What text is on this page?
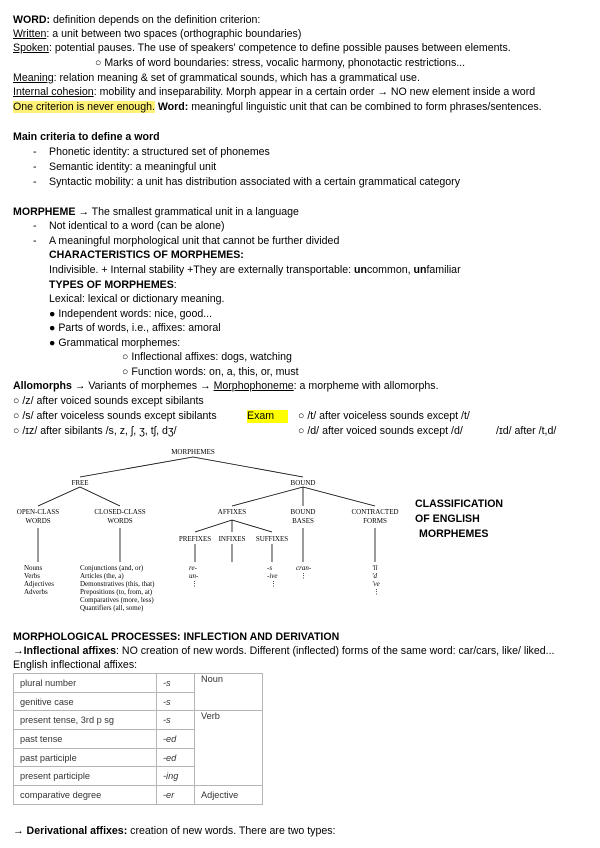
WORD: definition depends on the definition criterion:
Written: a unit between two spaces (orthographic boundaries)
Spoken: potential pauses. The use of speakers' competence to define possible pauses between elements.
○ Marks of word boundaries: stress, vocalic harmony, phonotactic restrictions...
Meaning: relation meaning & set of grammatical sounds, which has a grammatical use.
Internal cohesion: mobility and inseparability. Morph appear in a certain order → NO new element inside a word
One criterion is never enough. Word: meaningful linguistic unit that can be combined to form phrases/sentences.
Main criteria to define a word
- Phonetic identity: a structured set of phonemes
- Semantic identity: a meaningful unit
- Syntactic mobility: a unit has distribution associated with a certain grammatical category
MORPHEME → The smallest grammatical unit in a language
- Not identical to a word (can be alone)
- A meaningful morphological unit that cannot be further divided
CHARACTERISTICS OF MORPHEMES:
Indivisible. + Internal stability +They are externally transportable: uncommon, unfamiliar
TYPES OF MORPHEMES:
Lexical: lexical or dictionary meaning.
● Independent words: nice, good...
● Parts of words, i.e., affixes: amoral
● Grammatical morphemes:
○ Inflectional affixes: dogs, watching
○ Function words: on, a, this, or, must
Allomorphs → Variants of morphemes → Morphophoneme: a morpheme with allomorphs.
○ /z/ after voiced sounds except sibilants
○ /s/ after voiceless sounds except sibilants	Exam	○ /t/ after voiceless sounds except /t/
○ /ɪz/ after sibilants /s, z, ʃ, ʒ, tʃ, dʒ/	○ /d/ after voiced sounds except /d/	/ɪd/ after /t,d/
MORPHEMES
FREE	BOUND
OPEN-CLASS
WORDS
CLOSED-CLASS
WORDS
AFFIXES	BOUND
BASES
CONTRACTED
FORMS
PREFIXES INFIXES SUFFIXES
Nouns
Verbs
Adjectives
Adverbs
Conjunctions (and, or)
Articles (the, a)
Demonstratives (this, that)
Prepositions (to, from, at)
Comparatives (more, less)
Quantifiers (all, some)
re-
un-
⋮
-s
-ive
⋮
cran-
⋮
'll
'd
've
⋮
CLASSIFICATION
OF ENGLISH
MORPHEMES
MORPHOLOGICAL PROCESSES: INFLECTION AND DERIVATION
→Inflectional affixes: NO creation of new words. Different (inflected) forms of the same word: car/cars, like/ liked...
English inflectional affixes:
plural number	-s	Noun
genitive case	-s	
present tense, 3rd p sg	-s	Verb
past tense	-ed	
past participle	-ed	
present participle	-ing	
comparative degree	-er	Adjective
→ Derivational affixes: creation of new words. There are two types:
